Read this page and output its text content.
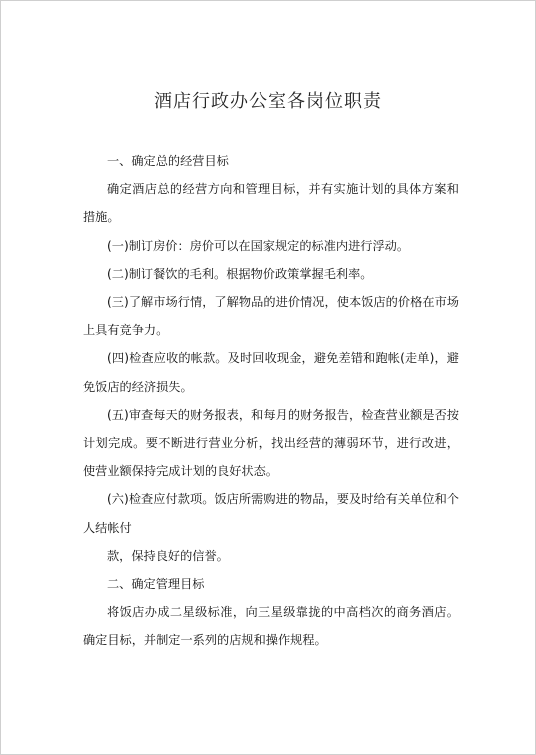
酒店行政办公室各岗位职责

一、确定总的经营目标

确定酒店总的经营方向和管理目标，并有实施计划的具体方案和措施。

(一)制订房价：房价可以在国家规定的标准内进行浮动。

(二)制订餐饮的毛利。根据物价政策掌握毛利率。

(三)了解市场行情，了解物品的进价情况，使本饭店的价格在市场上具有竞争力。

(四)检查应收的帐款。及时回收现金，避免差错和跑帐(走单)，避免饭店的经济损失。

(五)审查每天的财务报表，和每月的财务报告，检查营业额是否按计划完成。要不断进行营业分析，找出经营的薄弱环节，进行改进，使营业额保持完成计划的良好状态。

(六)检查应付款项。饭店所需购进的物品，要及时给有关单位和个人结帐付

款，保持良好的信誉。

二、确定管理目标

将饭店办成二星级标准，向三星级靠拢的中高档次的商务酒店。确定目标，并制定一系列的店规和操作规程。
